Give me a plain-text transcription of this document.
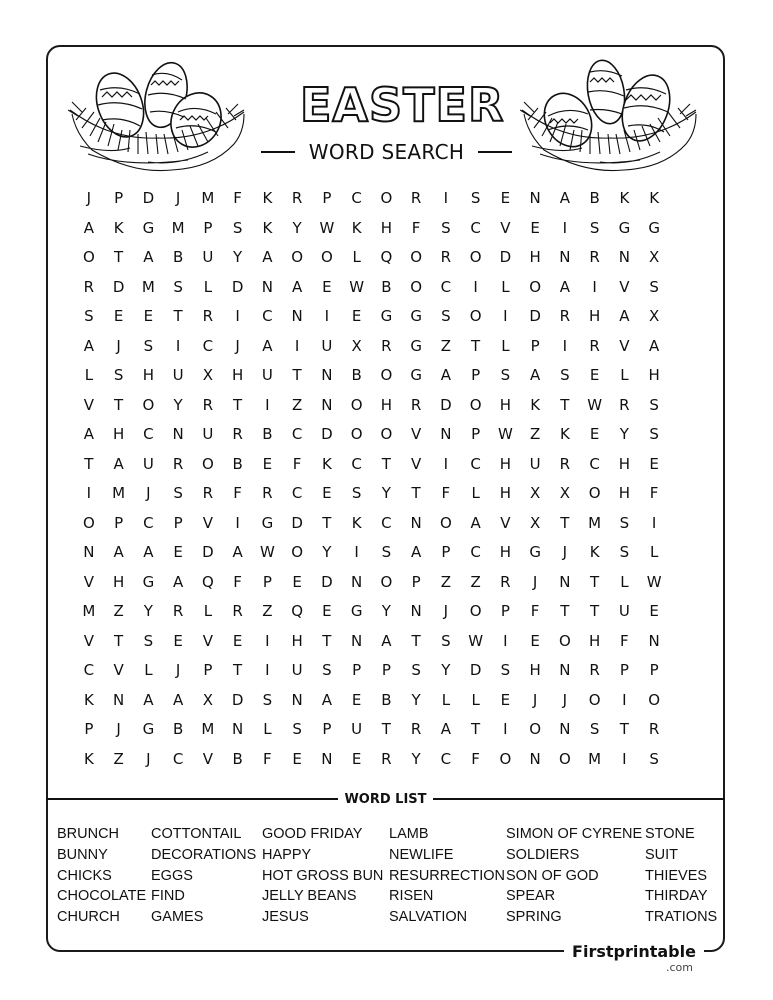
EASTER
WORD SEARCH
J	P	D	J	M	F	K	R	P	C	O	R	I	S	E	N	A	B	K	K
A	K	G	M	P	S	K	Y	W	K	H	F	S	C	V	E	I	S	G	G
O	T	A	B	U	Y	A	O	O	L	Q	O	R	O	D	H	N	R	N	X
R	D	M	S	L	D	N	A	E	W	B	O	C	I	L	O	A	I	V	S
S	E	E	T	R	I	C	N	I	E	G	G	S	O	I	D	R	H	A	X
A	J	S	I	C	J	A	I	U	X	R	G	Z	T	L	P	I	R	V	A
L	S	H	U	X	H	U	T	N	B	O	G	A	P	S	A	S	E	L	H
V	T	O	Y	R	T	I	Z	N	O	H	R	D	O	H	K	T	W	R	S
A	H	C	N	U	R	B	C	D	O	O	V	N	P	W	Z	K	E	Y	S
T	A	U	R	O	B	E	F	K	C	T	V	I	C	H	U	R	C	H	E
I	M	J	S	R	F	R	C	E	S	Y	T	F	L	H	X	X	O	H	F
O	P	C	P	V	I	G	D	T	K	C	N	O	A	V	X	T	M	S	I
N	A	A	E	D	A	W	O	Y	I	S	A	P	C	H	G	J	K	S	L
V	H	G	A	Q	F	P	E	D	N	O	P	Z	Z	R	J	N	T	L	W
M	Z	Y	R	L	R	Z	Q	E	G	Y	N	J	O	P	F	T	T	U	E
V	T	S	E	V	E	I	H	T	N	A	T	S	W	I	E	O	H	F	N
C	V	L	J	P	T	I	U	S	P	P	S	Y	D	S	H	N	R	P	P
K	N	A	A	X	D	S	N	A	E	B	Y	L	L	E	J	J	O	I	O
P	J	G	B	M	N	L	S	P	U	T	R	A	T	I	O	N	S	T	R
K	Z	J	C	V	B	F	E	N	E	R	Y	C	F	O	N	O	M	I	S
WORD LIST
BRUNCH
BUNNY
CHICKS
CHOCOLATE
CHURCH
COTTONTAIL
DECORATIONS
EGGS
FIND
GAMES
GOOD FRIDAY
HAPPY
HOT GROSS BUN
JELLY BEANS
JESUS
LAMB
NEWLIFE
RESURRECTION
RISEN
SALVATION
SIMON OF CYRENE
SOLDIERS
SON OF GOD
SPEAR
SPRING
STONE
SUIT
THIEVES
THIRDAY
TRATIONS
Firstprintable
.com
